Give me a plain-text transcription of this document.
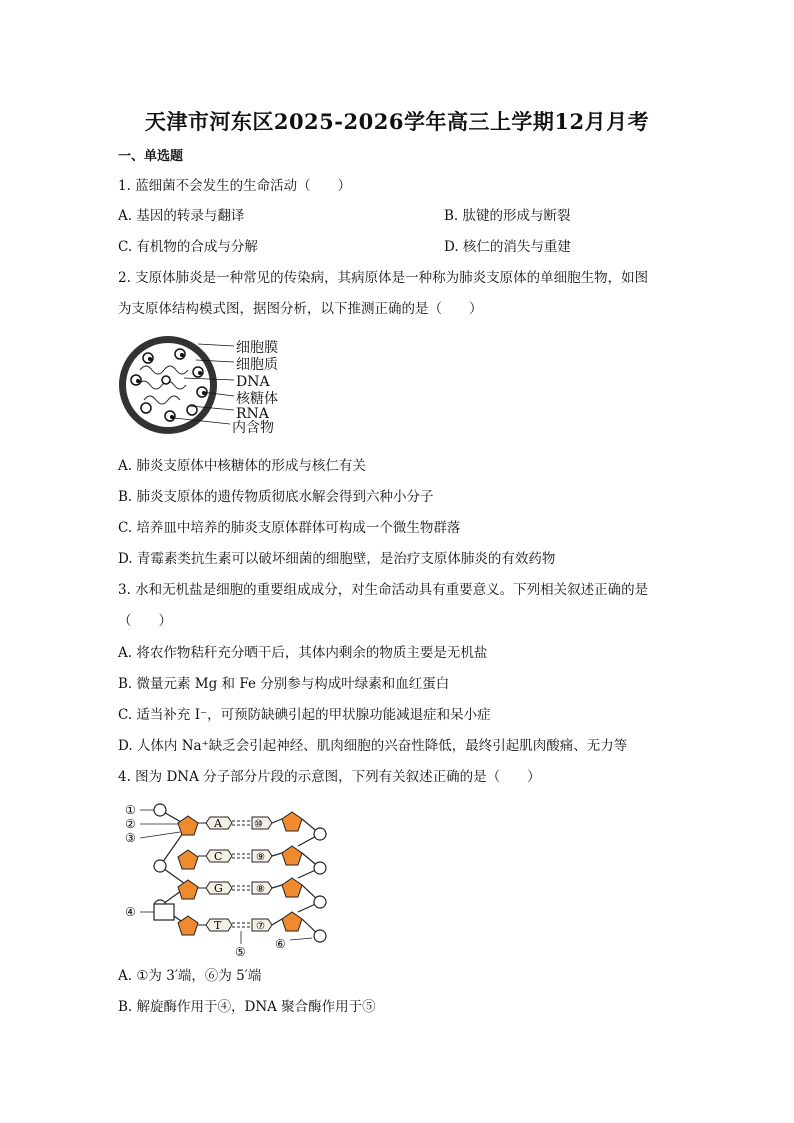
天津市河东区2025-2026学年高三上学期12月月考
一、单选题
1. 蓝细菌不会发生的生命活动（　　）
A. 基因的转录与翻译	B. 肽键的形成与断裂
C. 有机物的合成与分解	D. 核仁的消失与重建
2. 支原体肺炎是一种常见的传染病，其病原体是一种称为肺炎支原体的单细胞生物，如图
为支原体结构模式图，据图分析，以下推测正确的是（　　）
细胞膜
细胞质
DNA
核糖体
RNA
内含物
A. 肺炎支原体中核糖体的形成与核仁有关
B. 肺炎支原体的遗传物质彻底水解会得到六种小分子
C. 培养皿中培养的肺炎支原体群体可构成一个微生物群落
D. 青霉素类抗生素可以破坏细菌的细胞壁，是治疗支原体肺炎的有效药物
3. 水和无机盐是细胞的重要组成成分，对生命活动具有重要意义。下列相关叙述正确的是
（　　）
A. 将农作物秸秆充分晒干后，其体内剩余的物质主要是无机盐
B. 微量元素 Mg 和 Fe 分别参与构成叶绿素和血红蛋白
C. 适当补充 I⁻，可预防缺碘引起的甲状腺功能减退症和呆小症
D. 人体内 Na⁺缺乏会引起神经、肌肉细胞的兴奋性降低，最终引起肌肉酸痛、无力等
4. 图为 DNA 分子部分片段的示意图，下列有关叙述正确的是（　　）
①
②
③
④
⑤
⑥
A
C
G
T
⑩
⑨
⑧
⑦
A. ①为 3′端，⑥为 5′端
B. 解旋酶作用于④，DNA 聚合酶作用于⑤
